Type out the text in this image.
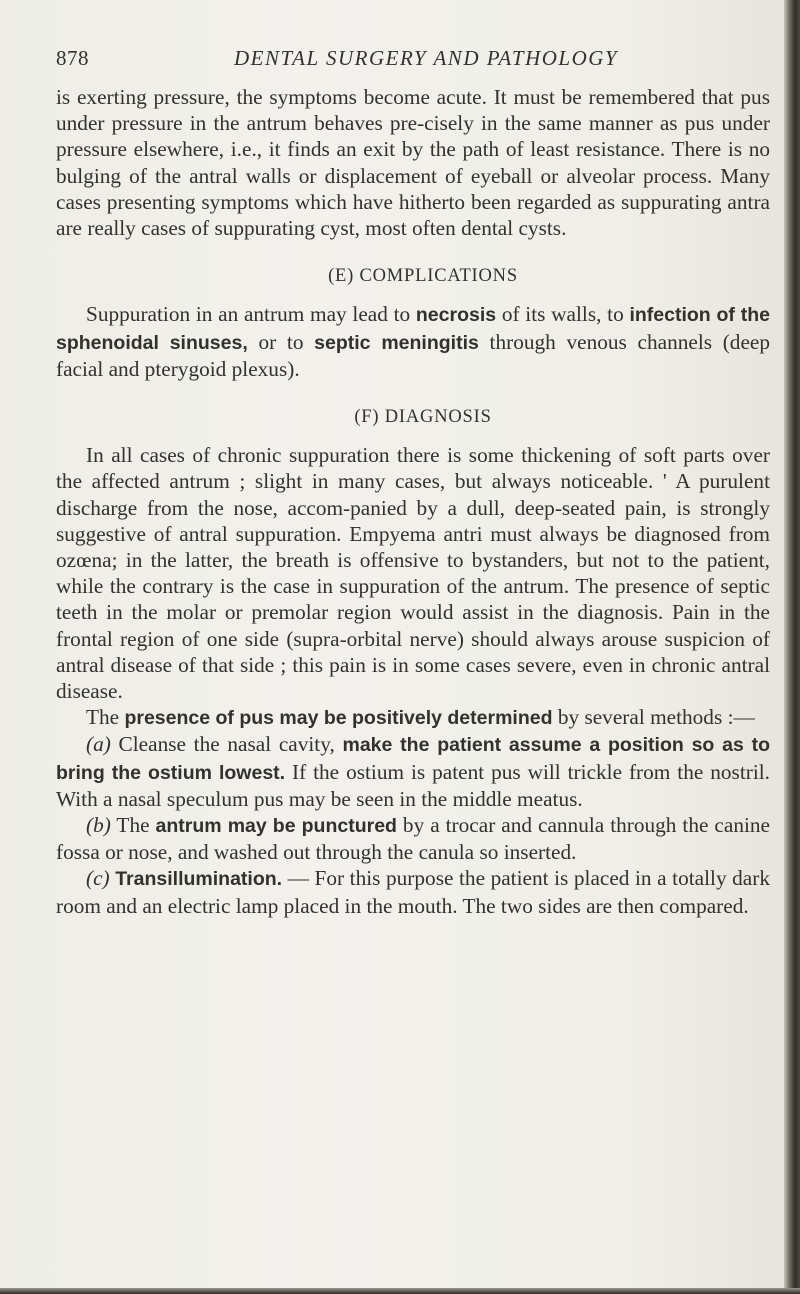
878	DENTAL SURGERY AND PATHOLOGY

is exerting pressure, the symptoms become acute. It must be remembered that pus under pressure in the antrum behaves pre-cisely in the same manner as pus under pressure elsewhere, i.e., it finds an exit by the path of least resistance. There is no bulging of the antral walls or displacement of eyeball or alveolar process. Many cases presenting symptoms which have hitherto been regarded as suppurating antra are really cases of suppurating cyst, most often dental cysts.

(E) COMPLICATIONS

Suppuration in an antrum may lead to necrosis of its walls, to infection of the sphenoidal sinuses, or to septic meningitis through venous channels (deep facial and pterygoid plexus).

(F) DIAGNOSIS

In all cases of chronic suppuration there is some thickening of soft parts over the affected antrum ; slight in many cases, but always noticeable. ' A purulent discharge from the nose, accom-panied by a dull, deep-seated pain, is strongly suggestive of antral suppuration. Empyema antri must always be diagnosed from ozœna; in the latter, the breath is offensive to bystanders, but not to the patient, while the contrary is the case in suppuration of the antrum. The presence of septic teeth in the molar or premolar region would assist in the diagnosis. Pain in the frontal region of one side (supra-orbital nerve) should always arouse suspicion of antral disease of that side ; this pain is in some cases severe, even in chronic antral disease.

The presence of pus may be positively determined by several methods :—

(a) Cleanse the nasal cavity, make the patient assume a position so as to bring the ostium lowest. If the ostium is patent pus will trickle from the nostril. With a nasal speculum pus may be seen in the middle meatus.

(b) The antrum may be punctured by a trocar and cannula through the canine fossa or nose, and washed out through the canula so inserted.

(c) Transillumination. — For this purpose the patient is placed in a totally dark room and an electric lamp placed in the mouth. The two sides are then compared.
